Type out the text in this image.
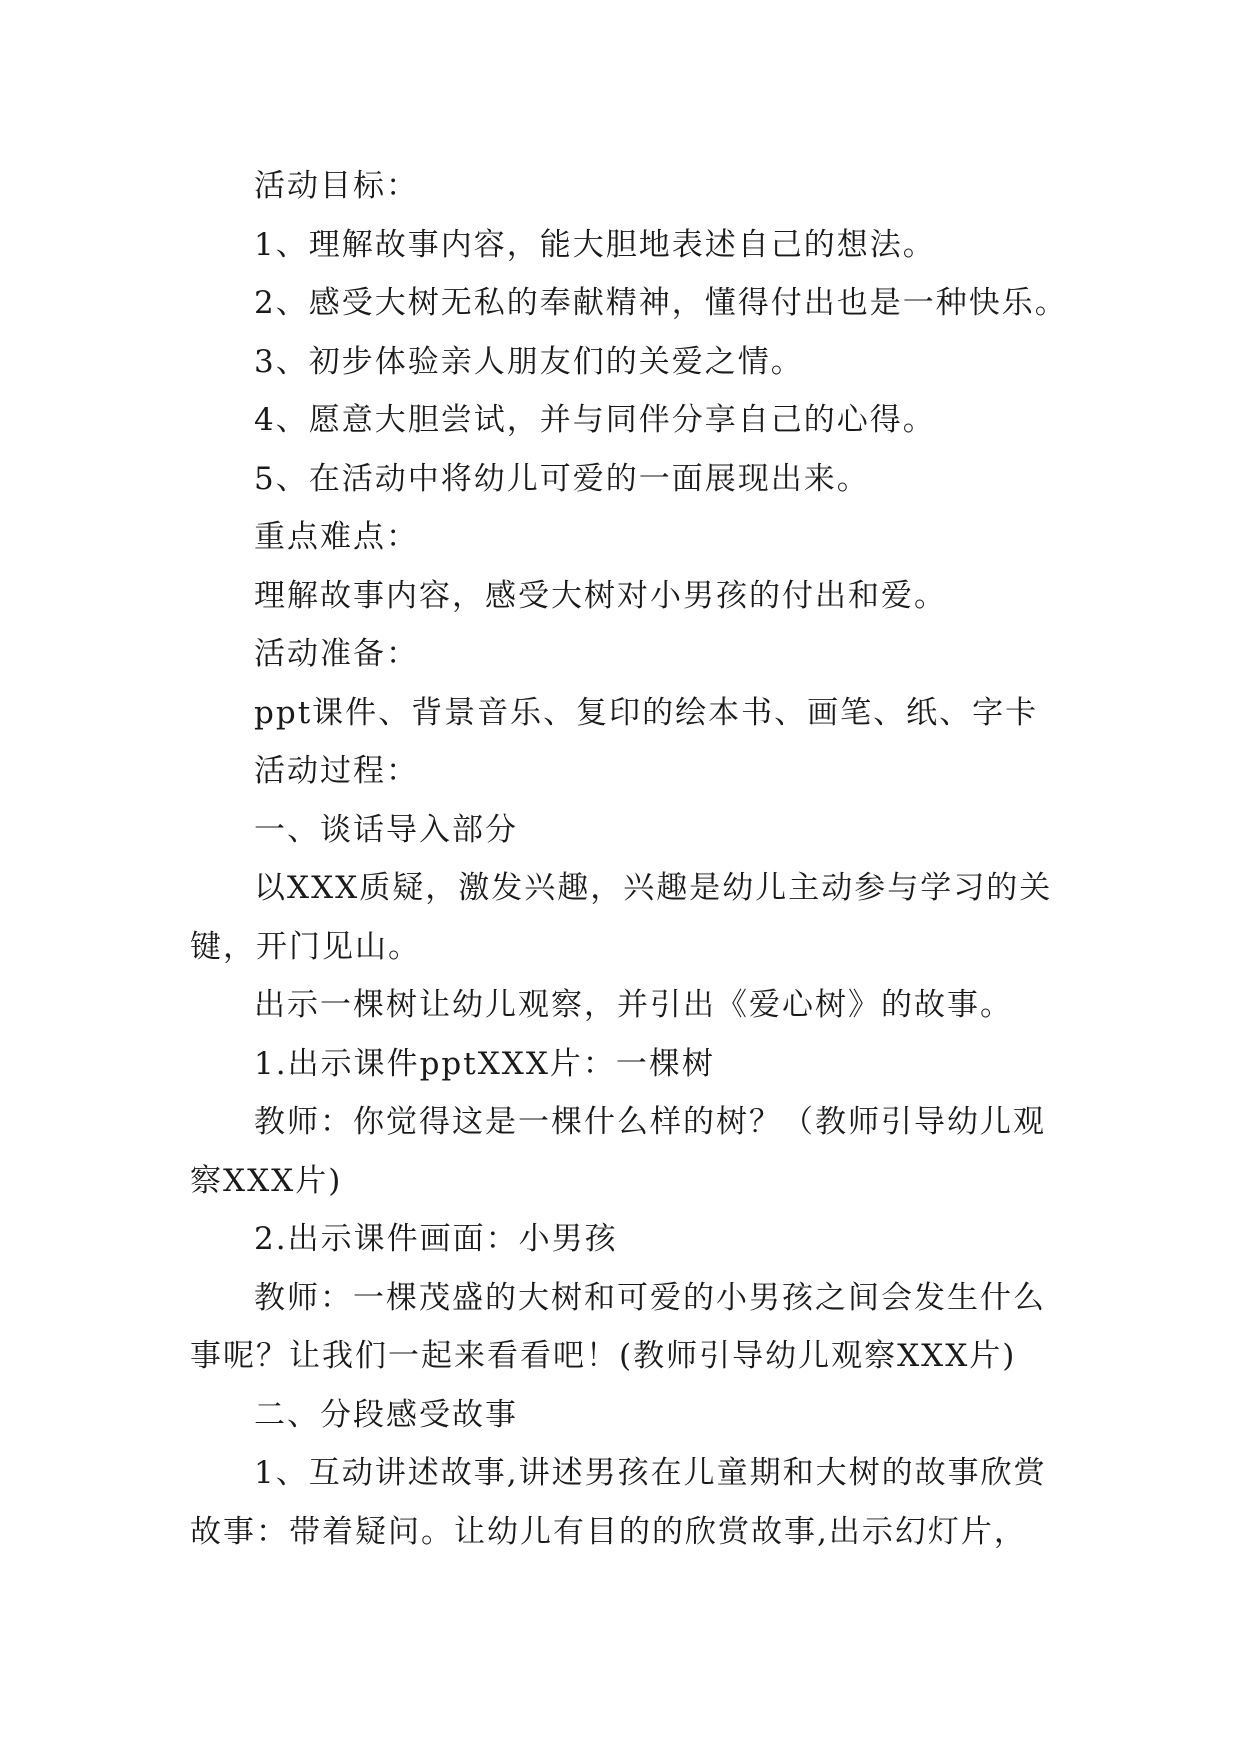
活动目标：

1、理解故事内容，能大胆地表述自己的想法。

2、感受大树无私的奉献精神，懂得付出也是一种快乐。

3、初步体验亲人朋友们的关爱之情。

4、愿意大胆尝试，并与同伴分享自己的心得。

5、在活动中将幼儿可爱的一面展现出来。

重点难点：

理解故事内容，感受大树对小男孩的付出和爱。

活动准备：

ppt课件、背景音乐、复印的绘本书、画笔、纸、字卡

活动过程：

一、谈话导入部分

以XXX质疑，激发兴趣，兴趣是幼儿主动参与学习的关键，开门见山。

出示一棵树让幼儿观察，并引出《爱心树》的故事。

1.出示课件pptXXX片：一棵树

教师：你觉得这是一棵什么样的树？（教师引导幼儿观察XXX片)

2.出示课件画面：小男孩

教师：一棵茂盛的大树和可爱的小男孩之间会发生什么事呢？让我们一起来看看吧！(教师引导幼儿观察XXX片)

二、分段感受故事

1、互动讲述故事,讲述男孩在儿童期和大树的故事欣赏故事：带着疑问。让幼儿有目的的欣赏故事,出示幻灯片，
